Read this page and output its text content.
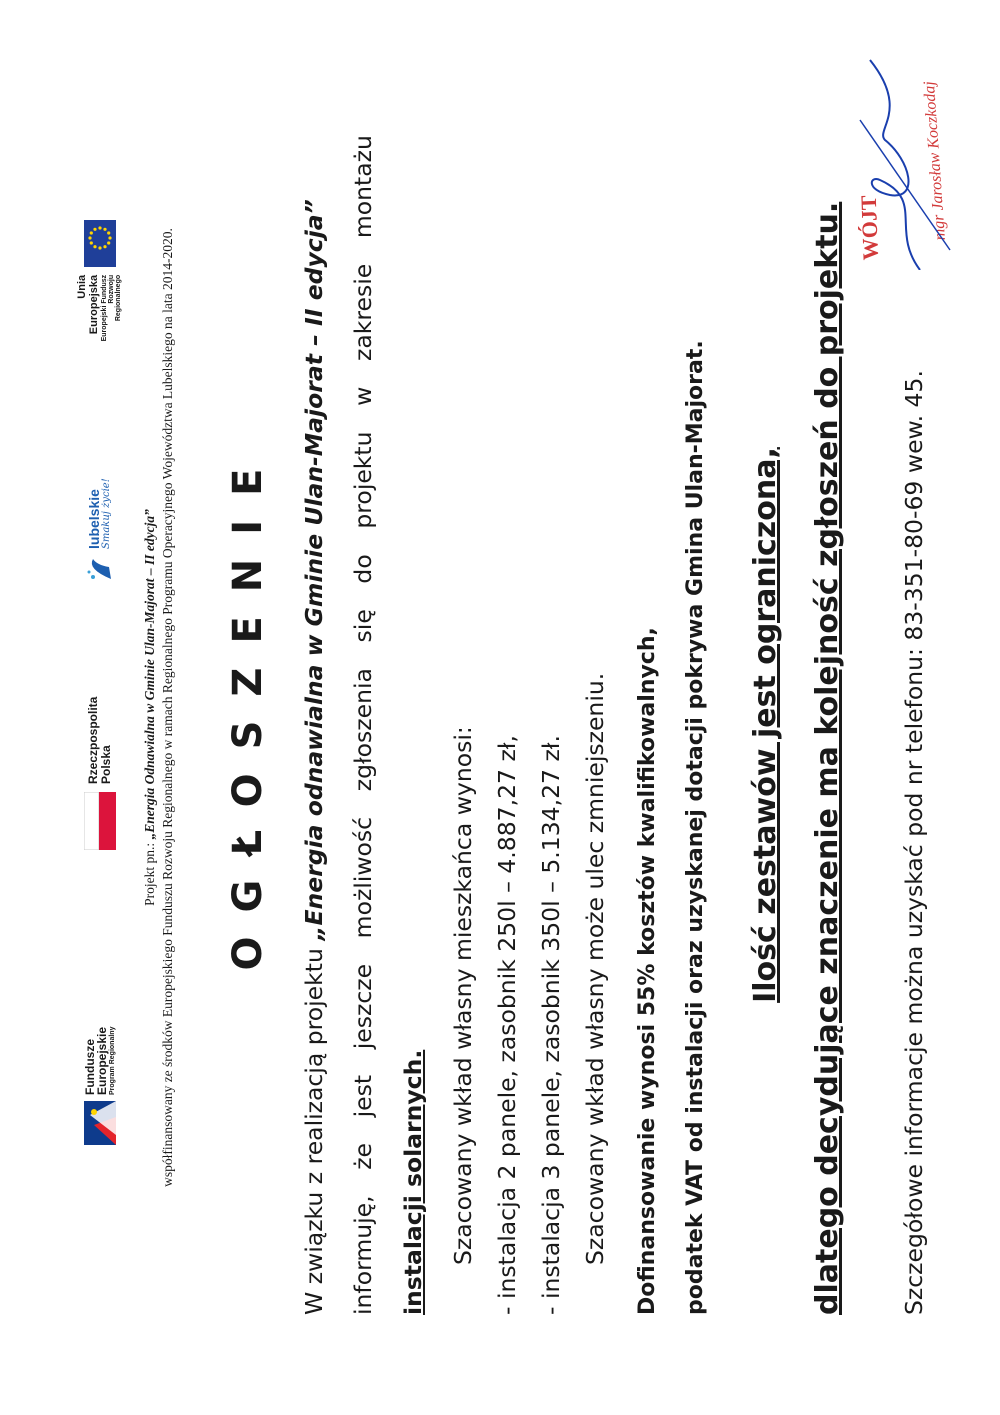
Fundusze
Europejskie Program Regionalny
Rzeczpospolita
Polska
lubelskie
Smakuj życie!
Unia Europejska Europejski Fundusz Rozwoju Regionalnego
Projekt pn.: „Energia Odnawialna w Gminie Ulan-Majorat – II edycja” współfinansowany ze środków Europejskiego Funduszu Rozwoju Regionalnego w ramach Regionalnego Programu Operacyjnego Województwa Lubelskiego na lata 2014-2020. OGŁOSZENIE
W związku z realizacją projektu „Energia odnawialna w Gminie Ulan-Majorat – II edycja”
informuję,
że
jest
jeszcze
możliwość
zgłoszenia
się
do
projektu
w
zakresie
montażu
instalacji solarnych. Szacowany wkład własny mieszkańca wynosi: - instalacja 2 panele, zasobnik 250l – 4.887,27 zł, - instalacja 3 panele, zasobnik 350l – 5.134,27 zł. Szacowany wkład własny może ulec zmniejszeniu. Dofinansowanie wynosi 55% kosztów kwalifikowalnych, podatek VAT od instalacji oraz uzyskanej dotacji pokrywa Gmina Ulan-Majorat. Ilość zestawów jest ograniczona, dlatego decydujące znaczenie ma kolejność zgłoszeń do projektu. Szczegółowe informacje można uzyskać pod nr telefonu: 83-351-80-69 wew. 45.
WÓJT mgr Jarosław Koczkodaj
